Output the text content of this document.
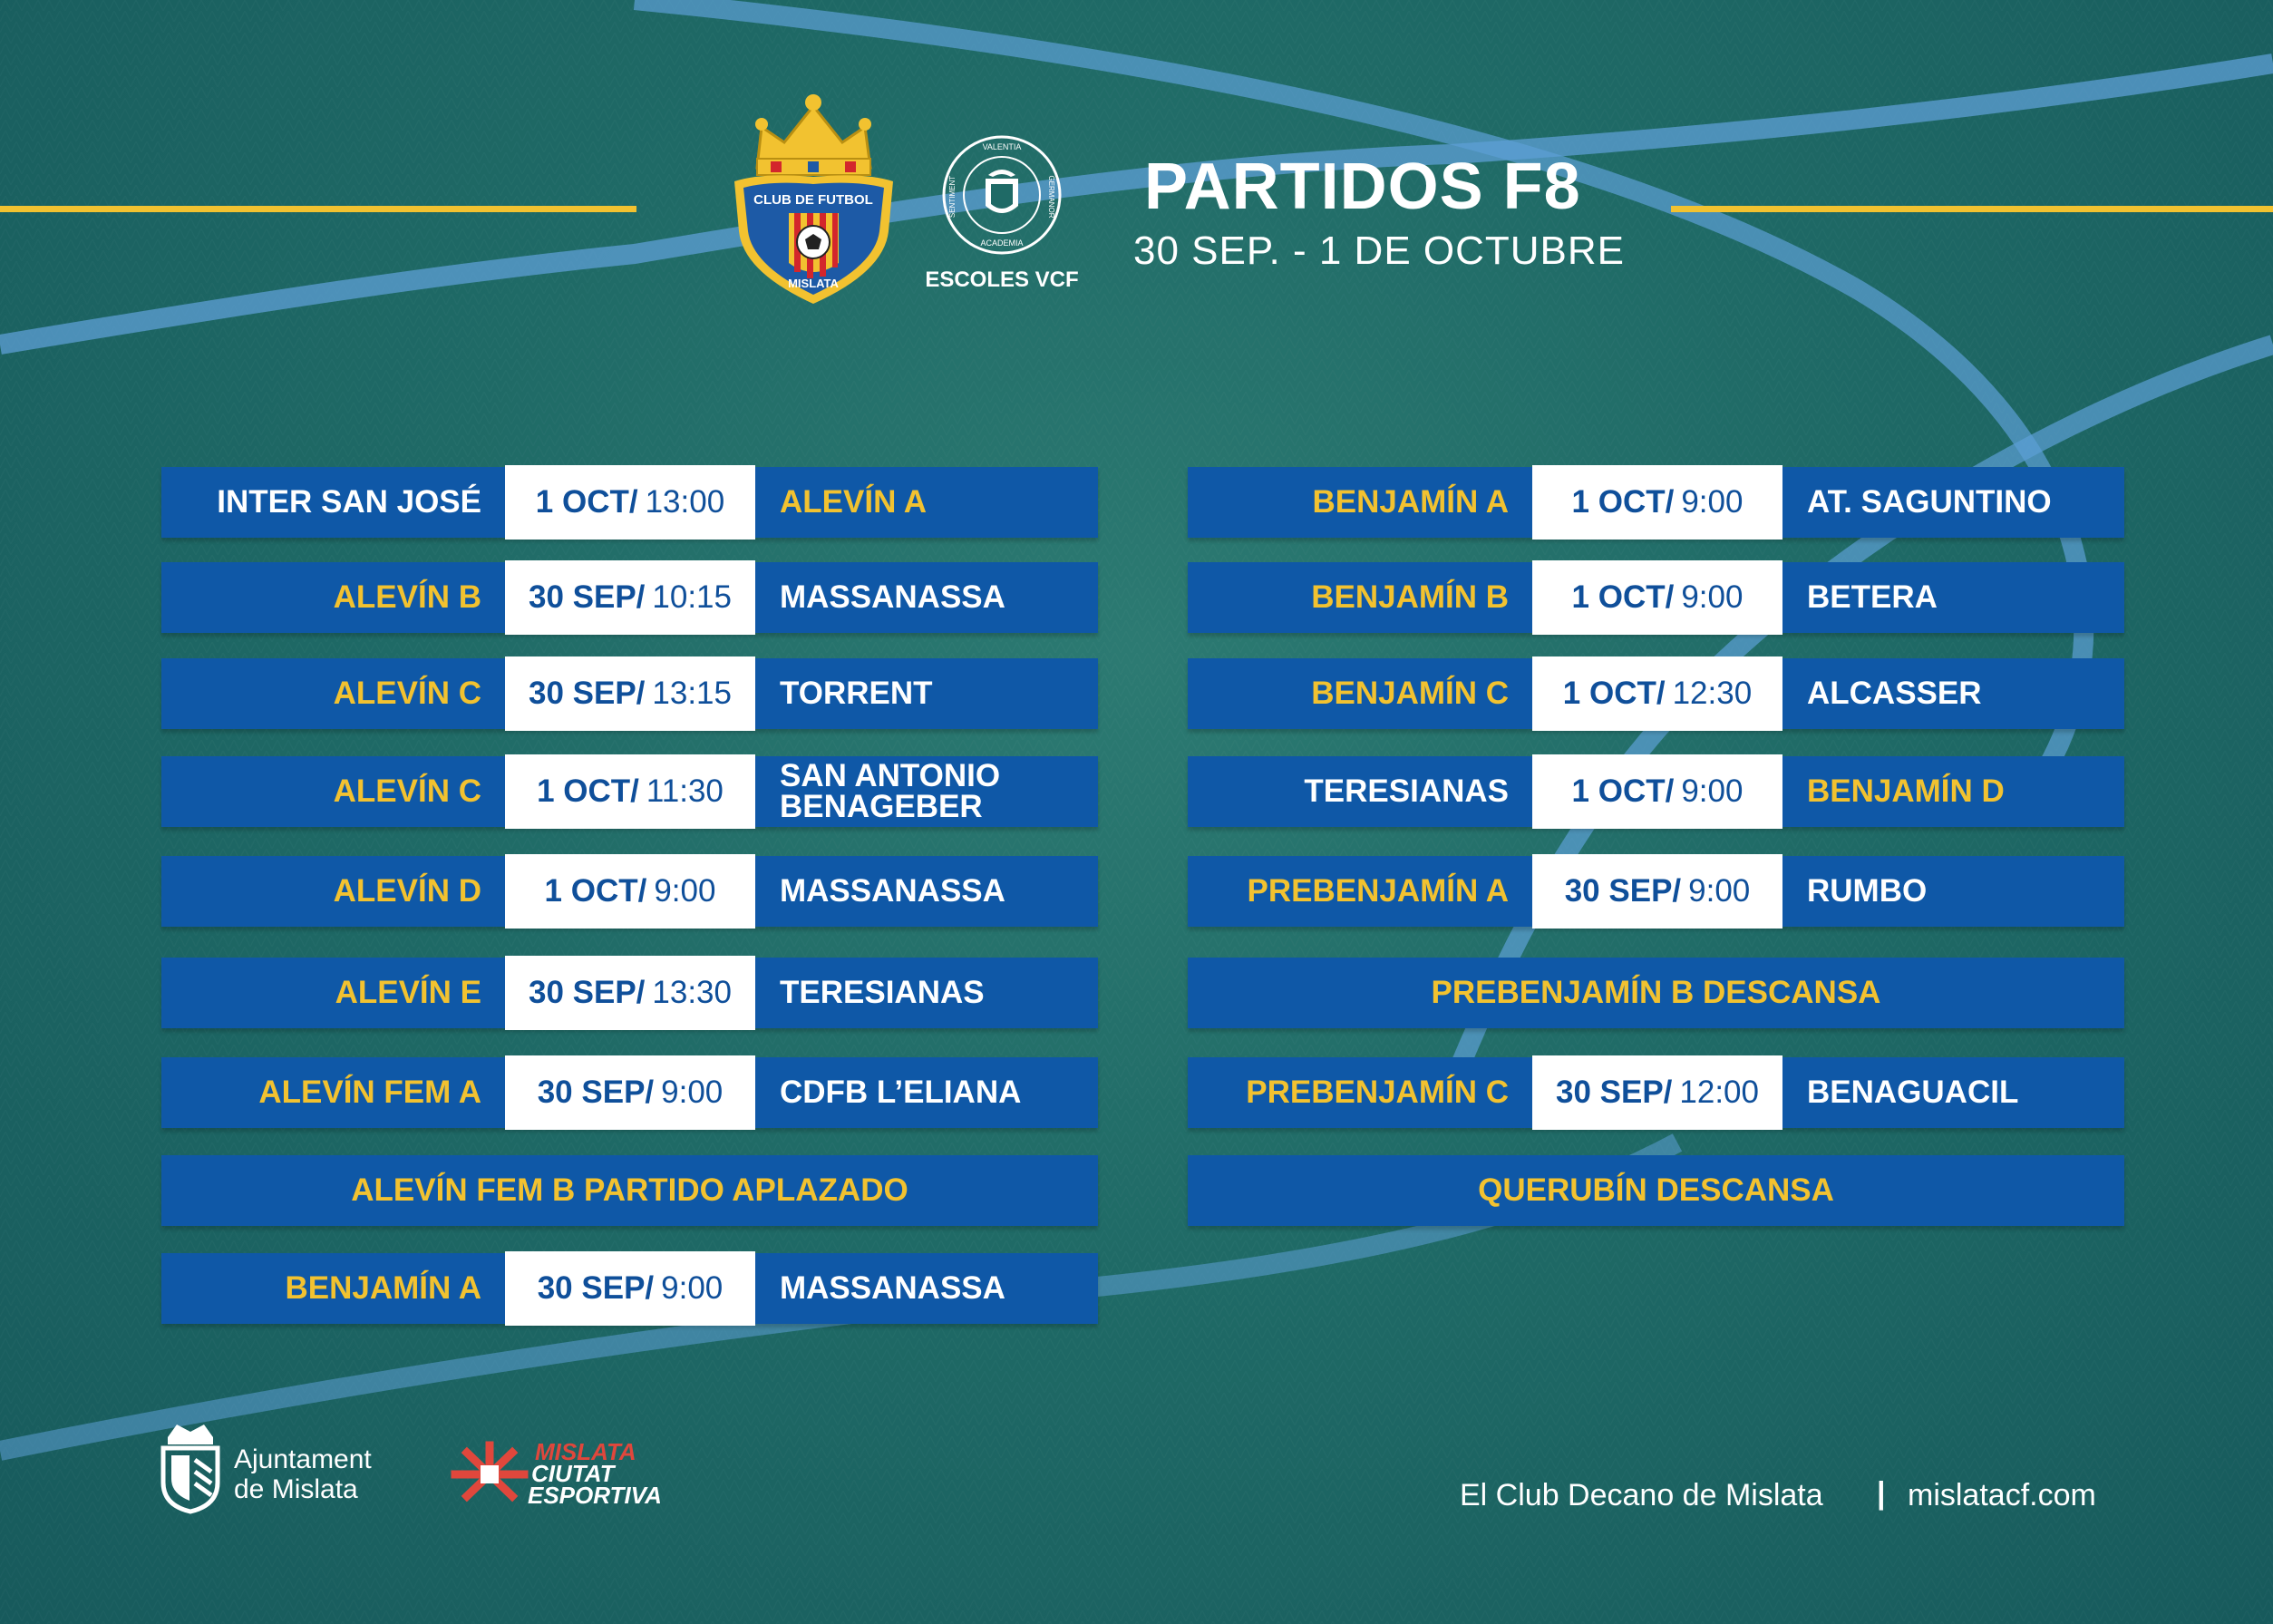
CLUB DE FUTBOL
MISLATA
VALENTIA
ACADEMIA
SENTIMENT	GERMANOR
ESCOLES VCF
PARTIDOS F8
30 SEP. - 1 DE OCTUBRE
INTER SAN JOSÉ 1 OCT/ 13:00 ALEVÍN A
ALEVÍN B 30 SEP/ 10:15 MASSANASSA
ALEVÍN C 30 SEP/ 13:15 TORRENT
ALEVÍN C 1 OCT/ 11:30 SAN ANTONIO
BENAGEBER
ALEVÍN D 1 OCT/ 9:00 MASSANASSA
ALEVÍN E 30 SEP/ 13:30 TERESIANAS
ALEVÍN FEM A 30 SEP/ 9:00 CDFB L’ELIANA
ALEVÍN FEM B PARTIDO APLAZADO
BENJAMÍN A 30 SEP/ 9:00 MASSANASSA
BENJAMÍN A 1 OCT/ 9:00 AT. SAGUNTINO
BENJAMÍN B 1 OCT/ 9:00 BETERA
BENJAMÍN C 1 OCT/ 12:30 ALCASSER
TERESIANAS 1 OCT/ 9:00 BENJAMÍN D
PREBENJAMÍN A 30 SEP/ 9:00 RUMBO
PREBENJAMÍN B DESCANSA
PREBENJAMÍN C 30 SEP/ 12:00 BENAGUACIL
QUERUBÍN DESCANSA
Ajuntament
de Mislata
MISLATA
CIUTAT
ESPORTIVA	El Club Decano de Mislata | mislatacf.com
